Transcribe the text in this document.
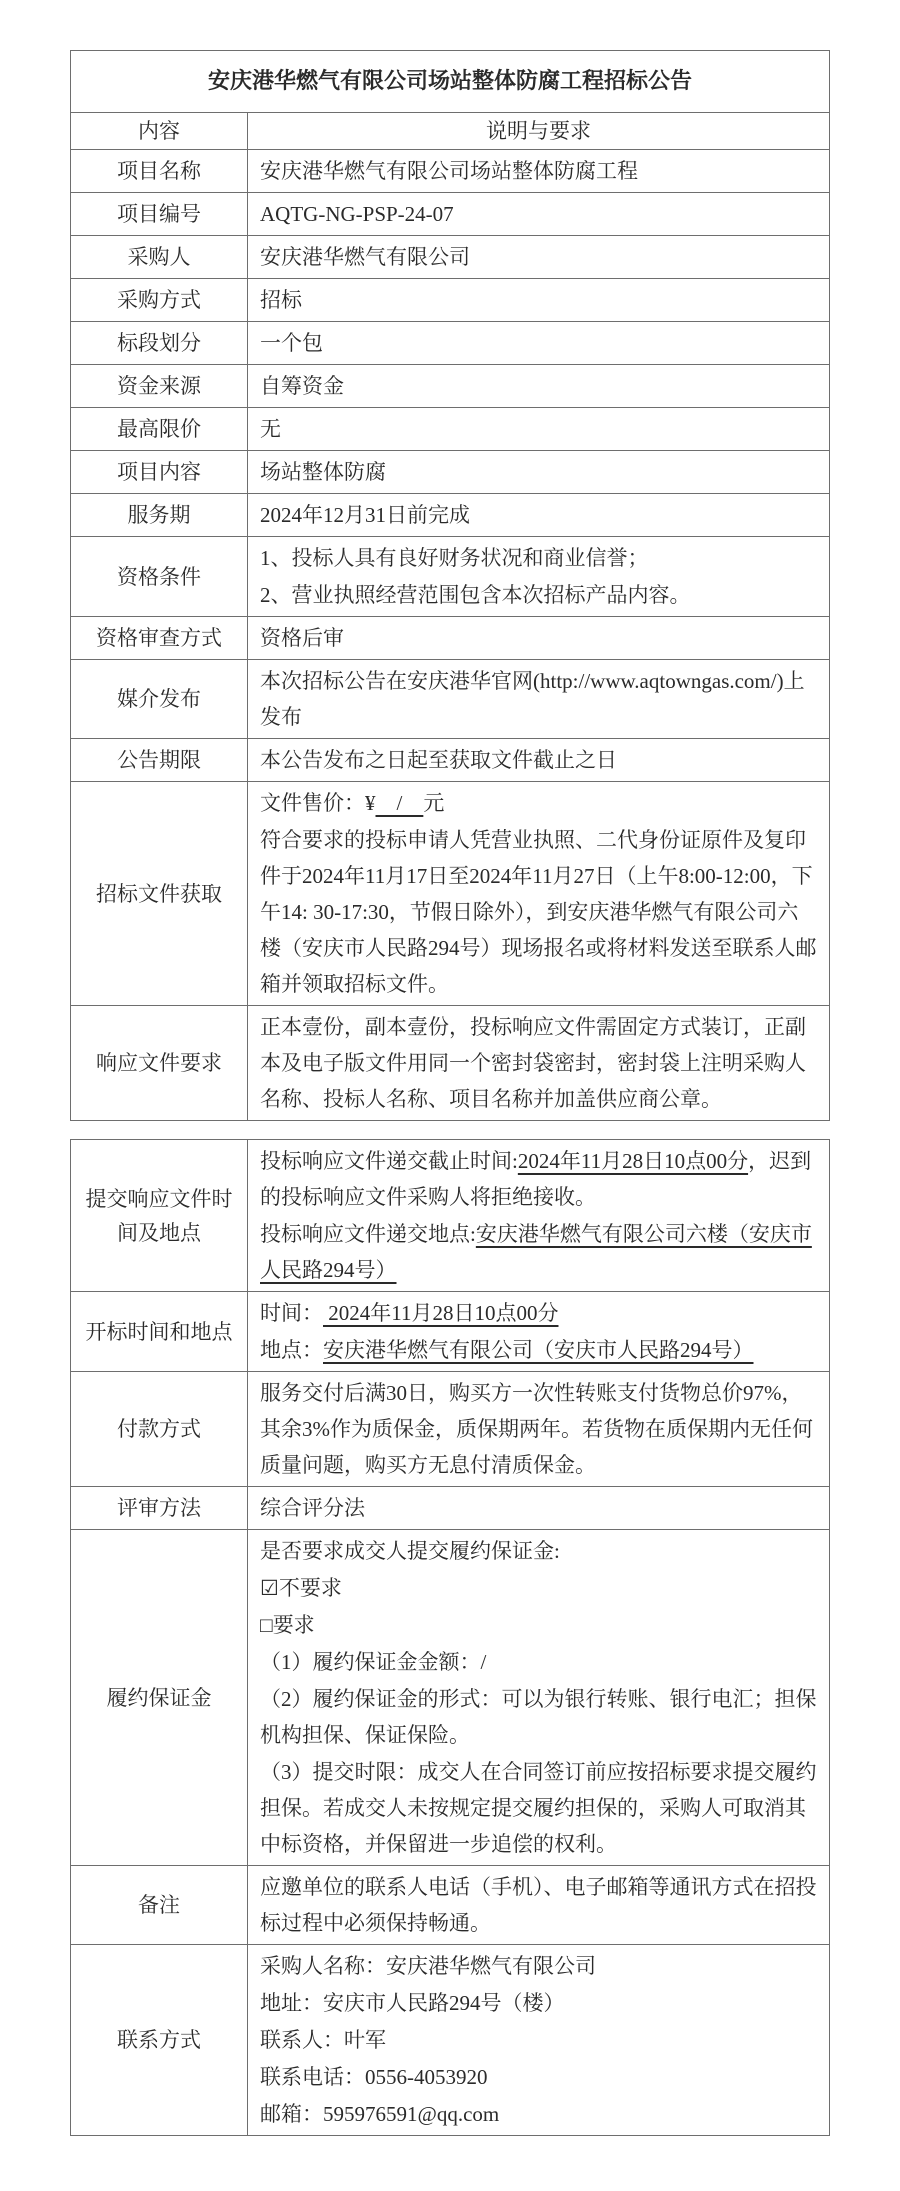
安庆港华燃气有限公司场站整体防腐工程招标公告	
内容	说明与要求
项目名称	安庆港华燃气有限公司场站整体防腐工程

项目编号	AQTG-NG-PSP-24-07

采购人	安庆港华燃气有限公司

采购方式	招标

标段划分	一个包

资金来源	自筹资金

最高限价	无

项目内容	场站整体防腐

服务期	2024年12月31日前完成

资格条件	1、投标人具有良好财务状况和商业信誉；

2、营业执照经营范围包含本次招标产品内容。

资格审查方式	资格后审

媒介发布	本次招标公告在安庆港华官网(http://www.aqtowngas.com/)上发布

公告期限	本公告发布之日起至获取文件截止之日

招标文件获取	文件售价：¥    /    元

符合要求的投标申请人凭营业执照、二代身份证原件及复印件于2024年11月17日至2024年11月27日（上午8:00-12:00，下午14: 30-17:30，节假日除外），到安庆港华燃气有限公司六楼（安庆市人民路294号）现场报名或将材料发送至联系人邮箱并领取招标文件。

响应文件要求	正本壹份，副本壹份，投标响应文件需固定方式装订，正副本及电子版文件用同一个密封袋密封，密封袋上注明采购人名称、投标人名称、项目名称并加盖供应商公章。

提交响应文件时间及地点	投标响应文件递交截止时间:2024年11月28日10点00分，迟到的投标响应文件采购人将拒绝接收。

投标响应文件递交地点:安庆港华燃气有限公司六楼（安庆市人民路294号）

开标时间和地点	时间： 2024年11月28日10点00分

地点：安庆港华燃气有限公司（安庆市人民路294号）

付款方式	服务交付后满30日，购买方一次性转账支付货物总价97%，其余3%作为质保金，质保期两年。若货物在质保期内无任何质量问题，购买方无息付清质保金。

评审方法	综合评分法

履约保证金	

是否要求成交人提交履约保证金:

☑不要求

□要求

（1）履约保证金金额：/

（2）履约保证金的形式：可以为银行转账、银行电汇；担保机构担保、保证保险。

（3）提交时限：成交人在合同签订前应按招标要求提交履约担保。若成交人未按规定提交履约担保的，采购人可取消其中标资格，并保留进一步追偿的权利。

备注	应邀单位的联系人电话（手机）、电子邮箱等通讯方式在招投标过程中必须保持畅通。

联系方式	采购人名称：安庆港华燃气有限公司

地址：安庆市人民路294号（楼）

联系人：叶军

联系电话：0556-4053920

邮箱：595976591@qq.com
